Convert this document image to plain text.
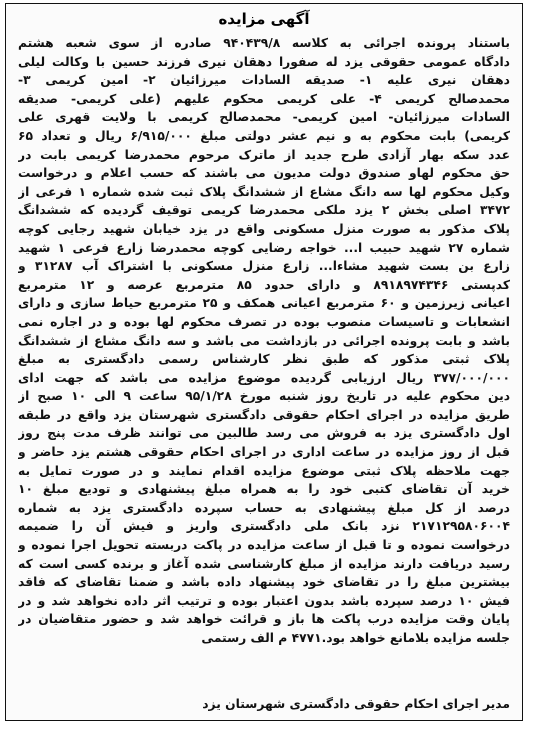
آگهی مزایده
باستناد پرونده اجرائی به کلاسه ۹۴۰۴۳۹/۸ صادره از سوی شعبه هشتم
دادگاه عمومی حقوقی یزد له صفورا دهقان نیری فرزند حسین با وکالت لیلی
دهقان نیری علیه ۱- صدیقه السادات میرزائیان ۲- امین کریمی ۳-
محمدصالح کریمی ۴- علی کریمی محکوم علیهم (علی کریمی- صدیقه
السادات میرزائیان- امین کریمی- محمدصالح کریمی با ولایت قهری علی
کریمی) بابت محکوم به و نیم عشر دولتی مبلغ ۶/۹۱۵/۰۰۰ ریال و تعداد ۶۵
عدد سکه بهار آزادی طرح جدید از ماترک مرحوم محمدرضا کریمی بابت در
حق محکوم لهاو صندوق دولت مدیون می باشند که حسب اعلام و درخواست
وکیل محکوم لها سه دانگ مشاع از ششدانگ پلاک ثبت شده شماره ۱ فرعی از
۳۴۷۲ اصلی بخش ۲ یزد ملکی محمدرضا کریمی توقیف گردیده که ششدانگ
پلاک مذکور به صورت منزل مسکونی واقع در یزد خیابان شهید رجایی کوچه
شماره ۲۷ شهید حبیب ا... خواجه رضایی کوچه محمدرضا زارع فرعی ۱ شهید
زارع بن بست شهید مشاءا... زارع منزل مسکونی با اشتراک آب ۳۱۲۸۷ و
کدپستی ۸۹۱۸۹۷۴۳۴۶ و دارای حدود ۸۵ مترمربع عرصه و ۱۲ مترمربع
اعیانی زیرزمین و ۶۰ مترمربع اعیانی همکف و ۲۵ مترمربع حیاط سازی و دارای
انشعابات و تاسیسات منصوب بوده در تصرف محکوم لها بوده و در اجاره نمی
باشد و بابت پرونده اجرائی در بازداشت می باشد و سه دانگ مشاع از ششدانگ
پلاک ثبتی مذکور که طبق نظر کارشناس رسمی دادگستری به مبلغ
۳۷۷/۰۰۰/۰۰۰ ریال ارزیابی گردیده موضوع مزایده می باشد که جهت ادای
دین محکوم علیه در تاریخ روز شنبه مورخ ۹۵/۱/۲۸ ساعت ۹ الی ۱۰ صبح از
طریق مزایده در اجرای احکام حقوقی دادگستری شهرستان یزد واقع در طبقه
اول دادگستری یزد به فروش می رسد طالبین می توانند ظرف مدت پنج روز
قبل از روز مزایده در ساعت اداری در اجرای احکام حقوقی هشتم یزد حاضر و
جهت ملاحظه پلاک ثبتی موضوع مزایده اقدام نمایند و در صورت تمایل به
خرید آن تقاضای کتبی خود را به همراه مبلغ پیشنهادی و تودیع مبلغ ۱۰
درصد از کل مبلغ پیشنهادی به حساب سپرده دادگستری یزد به شماره
۲۱۷۱۲۹۵۸۰۶۰۰۴ نزد بانک ملی دادگستری واریز و فیش آن را ضمیمه
درخواست نموده و تا قبل از ساعت مزایده در پاکت دربسته تحویل اجرا نموده و
رسید دریافت دارند مزایده از مبلغ کارشناسی شده آغاز و برنده کسی است که
بیشترین مبلغ را در تقاضای خود پیشنهاد داده باشد و ضمنا تقاضای که فاقد
فیش ۱۰ درصد سپرده باشد بدون اعتبار بوده و ترتیب اثر داده نخواهد شد و در
پایان وقت مزایده درب پاکت ها باز و قرائت خواهد شد و حضور متقاضیان در
جلسه مزایده بلامانع خواهد بود.۴۷۷۱ م الف رستمی
مدیر اجرای احکام حقوقی دادگستری شهرستان یزد
